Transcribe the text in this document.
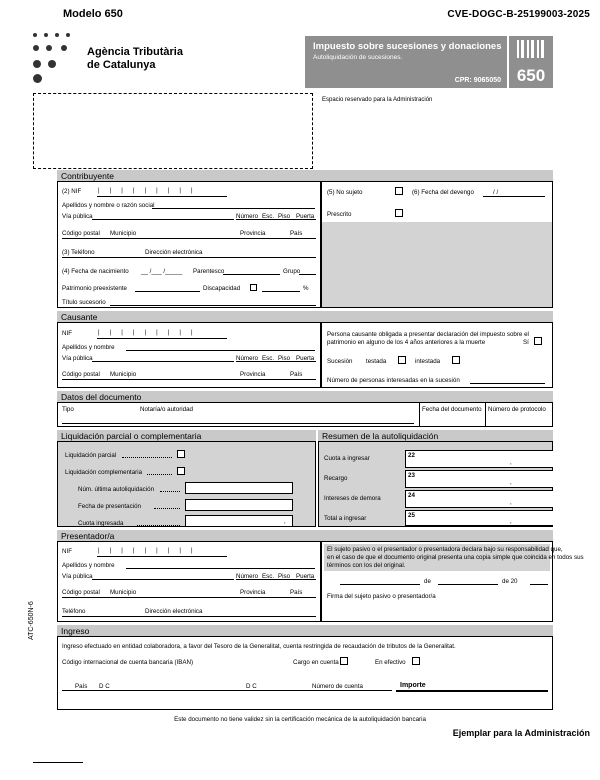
Modelo 650	CVE-DOGC-B-25199003-2025
Agència Tributària
de Catalunya
Impuesto sobre sucesiones y donaciones
Autoliquidación de sucesiones.
CPR: 9065050 650
Espacio reservado para la Administración
Contribuyente
(2) NIF	| | | | | | | | |
Apellidos y nombre o razón social
Vía pública	Número Esc. Piso Puerta
Código postal Municipio	Provincia	País
(3) Teléfono	Dirección electrónica
(4) Fecha de nacimiento __ /___ /_____ Parentesco	Grupo
Patrimonio preexistente	Discapacidad	%
Título sucesorio
(5) No sujeto	(6) Fecha del devengo	/ /
Prescrito
Causante
NIF	| | | | | | | | |
Apellidos y nombre
Vía pública	Número Esc. Piso Puerta
Código postal Municipio	Provincia	País
Persona causante obligada a presentar declaración del impuesto sobre el
patrimonio en alguno de los 4 años anteriores a la muerte	Sí
Sucesión testada	intestada
Número de personas interesadas en la sucesión
Datos del documento
Tipo	Notaría/o autoridad	Fecha del documento Número de protocolo
Liquidación parcial o complementaria	Resumen de la autoliquidación
Liquidación parcial
Liquidación complementaria
Núm. última autoliquidación
Fecha de presentación
Cuota ingresada	,
Cuota a ingresar	22
,
Recargo	23
,
Intereses de demora	24
,
Total a ingresar	25
,
Presentador/a
NIF	| | | | | | | | |
Apellidos y nombre
Vía pública	Número Esc. Piso Puerta
Código postal Municipio	Provincia	País
Teléfono	Dirección electrónica
El sujeto pasivo o el presentador o presentadora declara bajo su responsabilidad que,
en el caso de que el documento original presenta una copia simple que coincida en todos sus
términos con los del original.
de	de 20
Firma del sujeto pasivo o presentador/a
Ingreso
Ingreso efectuado en entidad colaboradora, a favor del Tesoro de la Generalitat, cuenta restringida de recaudación de tributos de la Generalitat.
Código internacional de cuenta bancaria (IBAN)	Cargo en cuenta	En efectivo
País D C	D C	Número de cuenta	Importe
ATC-650N-6
Este documento no tiene validez sin la certificación mecánica de la autoliquidación bancaria
Ejemplar para la Administración
